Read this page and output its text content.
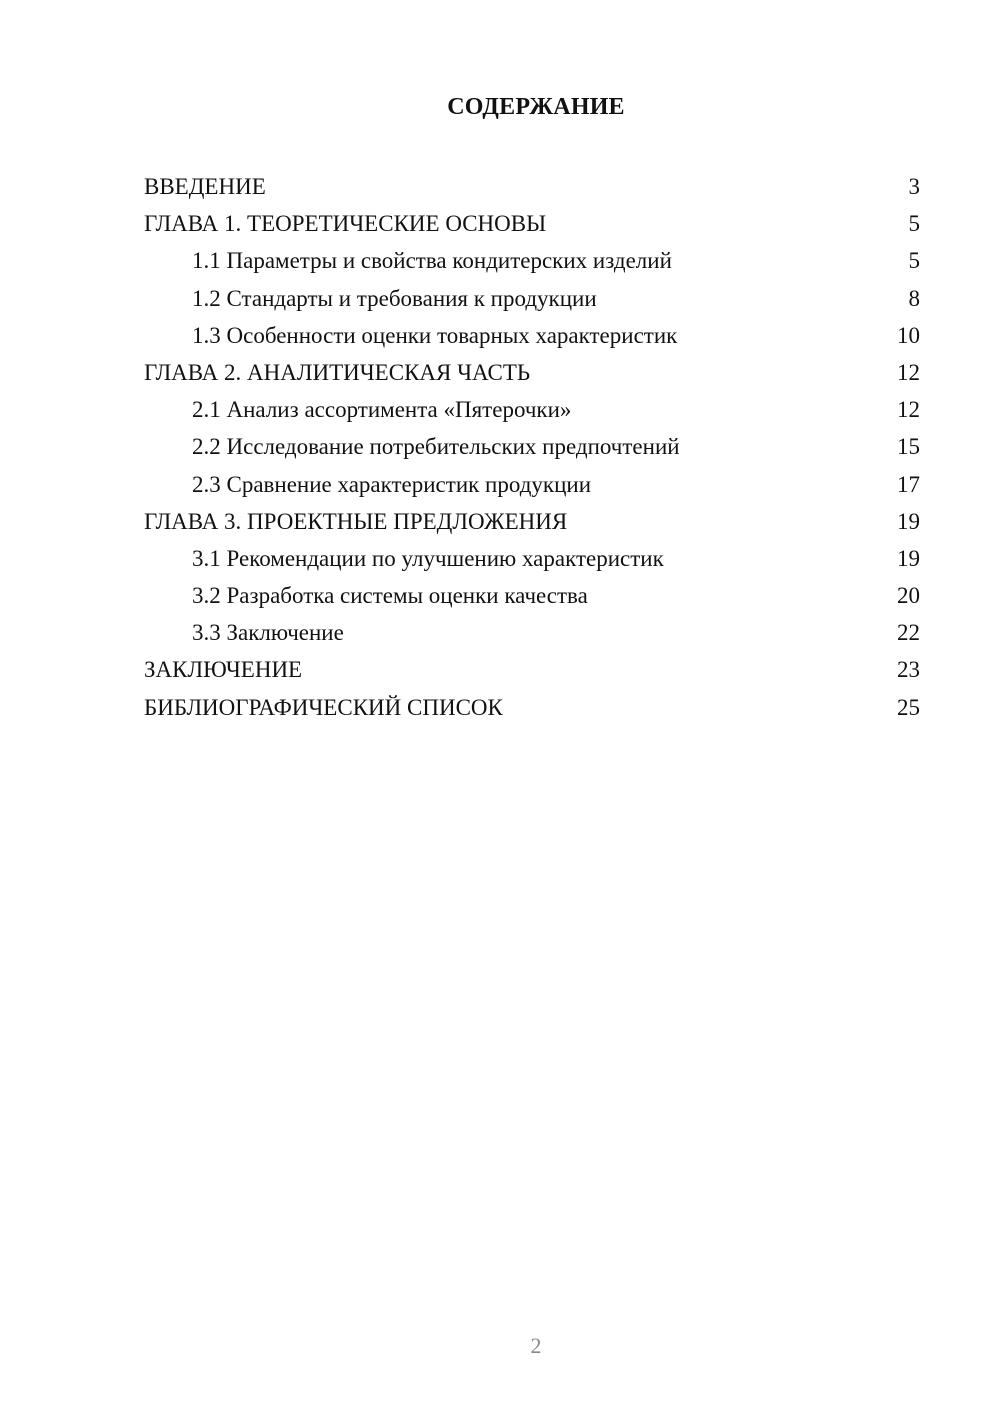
СОДЕРЖАНИЕ
ВВЕДЕНИЕ	3
ГЛАВА 1. ТЕОРЕТИЧЕСКИЕ ОСНОВЫ	5
1.1 Параметры и свойства кондитерских изделий	5
1.2 Стандарты и требования к продукции	8
1.3 Особенности оценки товарных характеристик	10
ГЛАВА 2. АНАЛИТИЧЕСКАЯ ЧАСТЬ	12
2.1 Анализ ассортимента «Пятерочки»	12
2.2 Исследование потребительских предпочтений	15
2.3 Сравнение характеристик продукции	17
ГЛАВА 3. ПРОЕКТНЫЕ ПРЕДЛОЖЕНИЯ	19
3.1 Рекомендации по улучшению характеристик	19
3.2 Разработка системы оценки качества	20
3.3 Заключение	22
ЗАКЛЮЧЕНИЕ	23
БИБЛИОГРАФИЧЕСКИЙ СПИСОК	25
2
